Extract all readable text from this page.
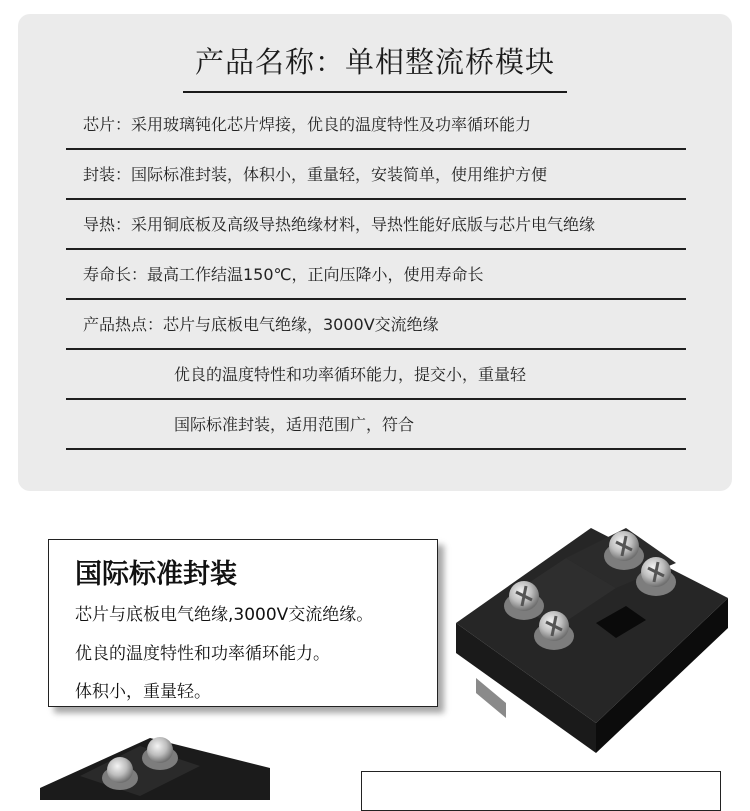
产品名称：单相整流桥模块
芯片：采用玻璃钝化芯片焊接，优良的温度特性及功率循环能力
封装：国际标准封装，体积小，重量轻，安装简单，使用维护方便
导热：采用铜底板及高级导热绝缘材料，导热性能好底版与芯片电气绝缘
寿命长：最高工作结温150℃，正向压降小，使用寿命长
产品热点：芯片与底板电气绝缘，3000V交流绝缘
优良的温度特性和功率循环能力，提交小，重量轻
国际标准封装，适用范围广，符合
国际标准封装
芯片与底板电气绝缘,3000V交流绝缘。
优良的温度特性和功率循环能力。
体积小，重量轻。
